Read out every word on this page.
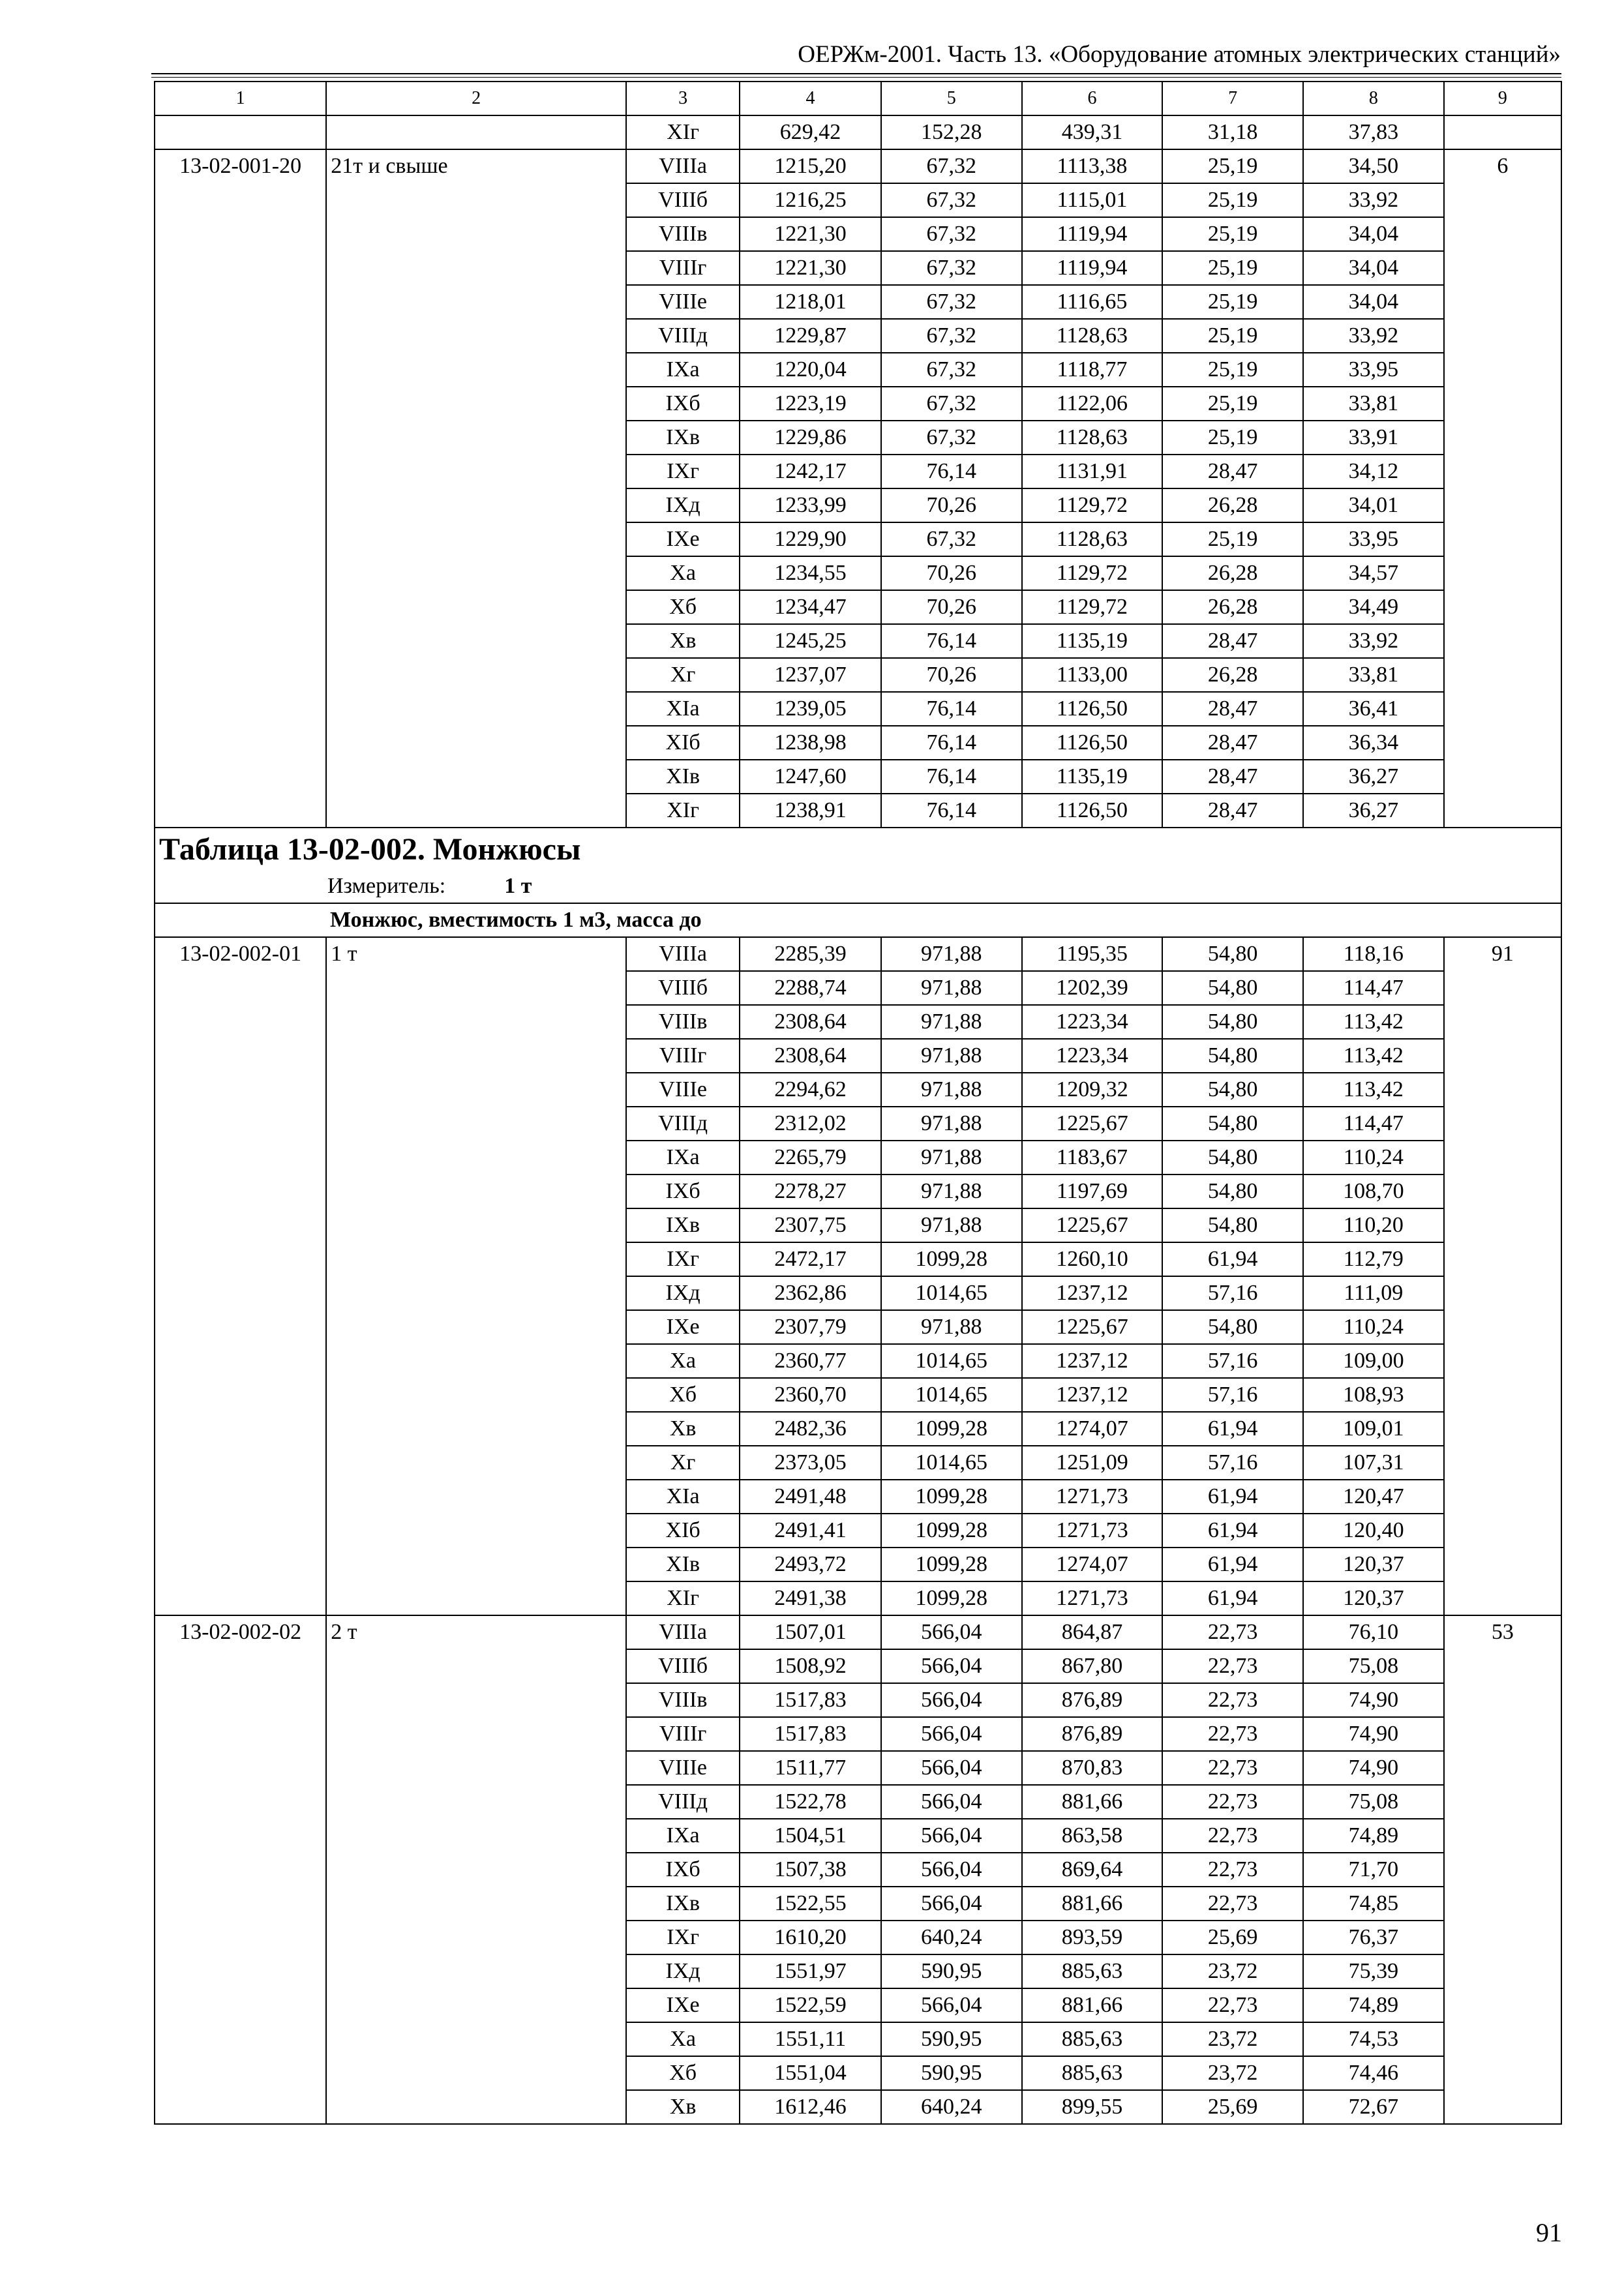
ОЕРЖм-2001. Часть 13. «Оборудование атомных электрических станций»
1	2	3	4	5	6	7	8	9
		XIг	629,42	152,28	439,31	31,18	37,83	
13-02-001-20	21т и свыше	VIIIа	1215,20	67,32	1113,38	25,19	34,50	6
		VIIIб	1216,25	67,32	1115,01	25,19	33,92	
		VIIIв	1221,30	67,32	1119,94	25,19	34,04	
		VIIIг	1221,30	67,32	1119,94	25,19	34,04	
		VIIIе	1218,01	67,32	1116,65	25,19	34,04	
		VIIIд	1229,87	67,32	1128,63	25,19	33,92	
		IXа	1220,04	67,32	1118,77	25,19	33,95	
		IXб	1223,19	67,32	1122,06	25,19	33,81	
		IXв	1229,86	67,32	1128,63	25,19	33,91	
		IXг	1242,17	76,14	1131,91	28,47	34,12	
		IXд	1233,99	70,26	1129,72	26,28	34,01	
		IXе	1229,90	67,32	1128,63	25,19	33,95	
		Xа	1234,55	70,26	1129,72	26,28	34,57	
		Xб	1234,47	70,26	1129,72	26,28	34,49	
		Xв	1245,25	76,14	1135,19	28,47	33,92	
		Xг	1237,07	70,26	1133,00	26,28	33,81	
		XIа	1239,05	76,14	1126,50	28,47	36,41	
		XIб	1238,98	76,14	1126,50	28,47	36,34	
		XIв	1247,60	76,14	1135,19	28,47	36,27	
		XIг	1238,91	76,14	1126,50	28,47	36,27	

Таблица 13-02-002. Монжюсы
Измеритель: 1 т								

Монжюс, вместимость 1 м3, масса до								
13-02-002-01	1 т	VIIIа	2285,39	971,88	1195,35	54,80	118,16	91
		VIIIб	2288,74	971,88	1202,39	54,80	114,47	
		VIIIв	2308,64	971,88	1223,34	54,80	113,42	
		VIIIг	2308,64	971,88	1223,34	54,80	113,42	
		VIIIе	2294,62	971,88	1209,32	54,80	113,42	
		VIIIд	2312,02	971,88	1225,67	54,80	114,47	
		IXа	2265,79	971,88	1183,67	54,80	110,24	
		IXб	2278,27	971,88	1197,69	54,80	108,70	
		IXв	2307,75	971,88	1225,67	54,80	110,20	
		IXг	2472,17	1099,28	1260,10	61,94	112,79	
		IXд	2362,86	1014,65	1237,12	57,16	111,09	
		IXе	2307,79	971,88	1225,67	54,80	110,24	
		Xа	2360,77	1014,65	1237,12	57,16	109,00	
		Xб	2360,70	1014,65	1237,12	57,16	108,93	
		Xв	2482,36	1099,28	1274,07	61,94	109,01	
		Xг	2373,05	1014,65	1251,09	57,16	107,31	
		XIа	2491,48	1099,28	1271,73	61,94	120,47	
		XIб	2491,41	1099,28	1271,73	61,94	120,40	
		XIв	2493,72	1099,28	1274,07	61,94	120,37	
		XIг	2491,38	1099,28	1271,73	61,94	120,37	
13-02-002-02	2 т	VIIIа	1507,01	566,04	864,87	22,73	76,10	53
		VIIIб	1508,92	566,04	867,80	22,73	75,08	
		VIIIв	1517,83	566,04	876,89	22,73	74,90	
		VIIIг	1517,83	566,04	876,89	22,73	74,90	
		VIIIе	1511,77	566,04	870,83	22,73	74,90	
		VIIIд	1522,78	566,04	881,66	22,73	75,08	
		IXа	1504,51	566,04	863,58	22,73	74,89	
		IXб	1507,38	566,04	869,64	22,73	71,70	
		IXв	1522,55	566,04	881,66	22,73	74,85	
		IXг	1610,20	640,24	893,59	25,69	76,37	
		IXд	1551,97	590,95	885,63	23,72	75,39	
		IXе	1522,59	566,04	881,66	22,73	74,89	
		Xа	1551,11	590,95	885,63	23,72	74,53	
		Xб	1551,04	590,95	885,63	23,72	74,46	
		Xв	1612,46	640,24	899,55	25,69	72,67	
91
